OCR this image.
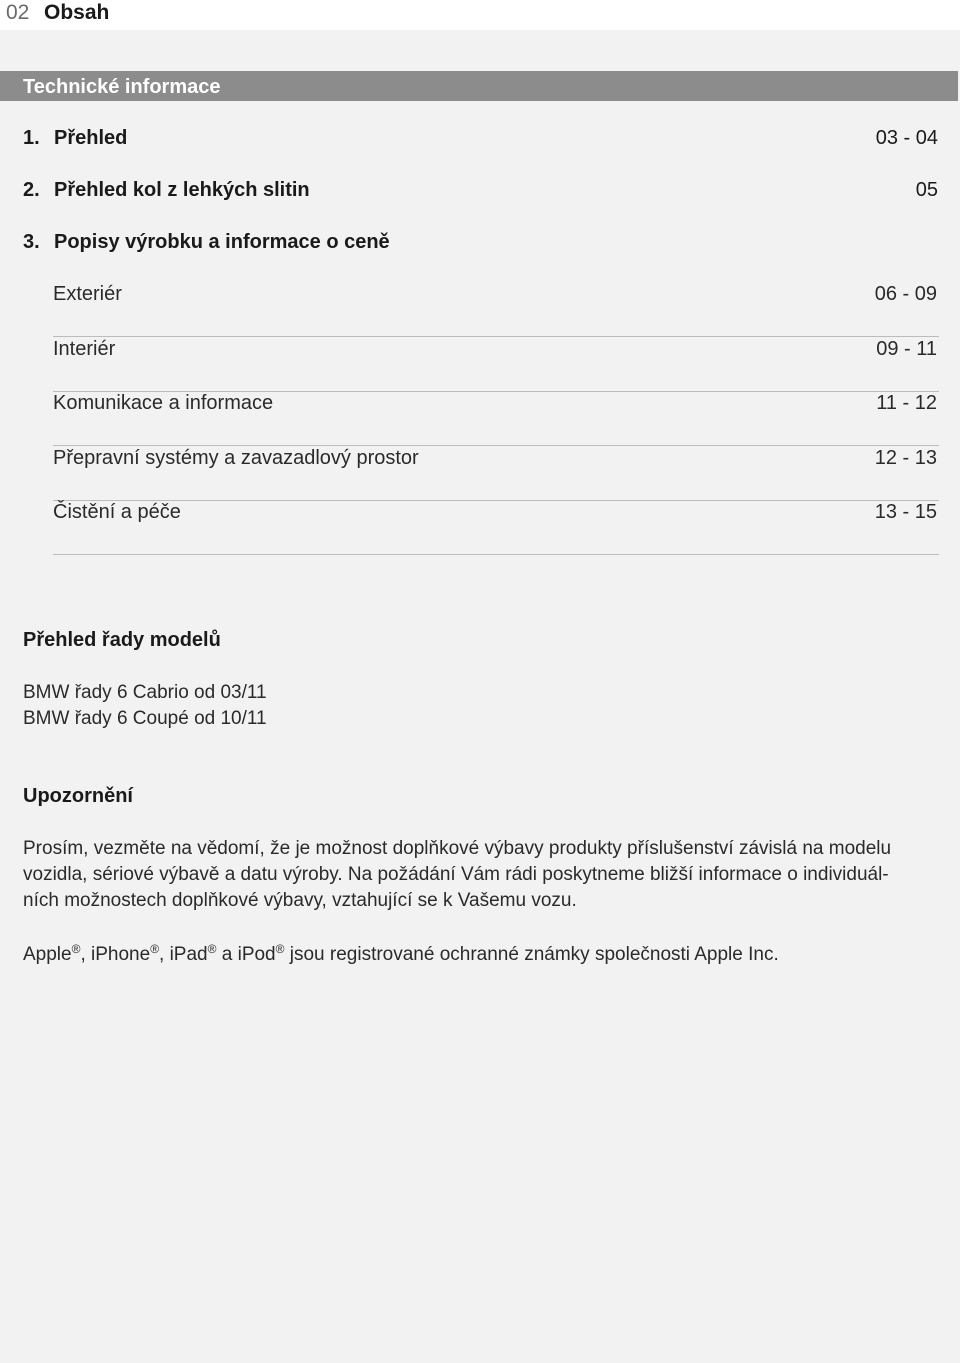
02 Obsah
Technické informace
1. Přehled	03 - 04
2. Přehled kol z lehkých slitin	05
3. Popisy výrobku a informace o ceně
Exteriér	06 - 09
Interiér	09 - 11
Komunikace a informace	11 - 12
Přepravní systémy a zavazadlový prostor	12 - 13
Čistění a péče	13 - 15
Přehled řady modelů
BMW řady 6 Cabrio od 03/11
BMW řady 6 Coupé od 10/11
Upozornění
Prosím, vezměte na vědomí, že je možnost doplňkové výbavy produkty příslušenství závislá na modelu
vozidla, sériové výbavě a datu výroby. Na požádání Vám rádi poskytneme bližší informace o individuál-
ních možnostech doplňkové výbavy, vztahující se k Vašemu vozu.
Apple®, iPhone®, iPad® a iPod® jsou registrované ochranné známky společnosti Apple Inc.
